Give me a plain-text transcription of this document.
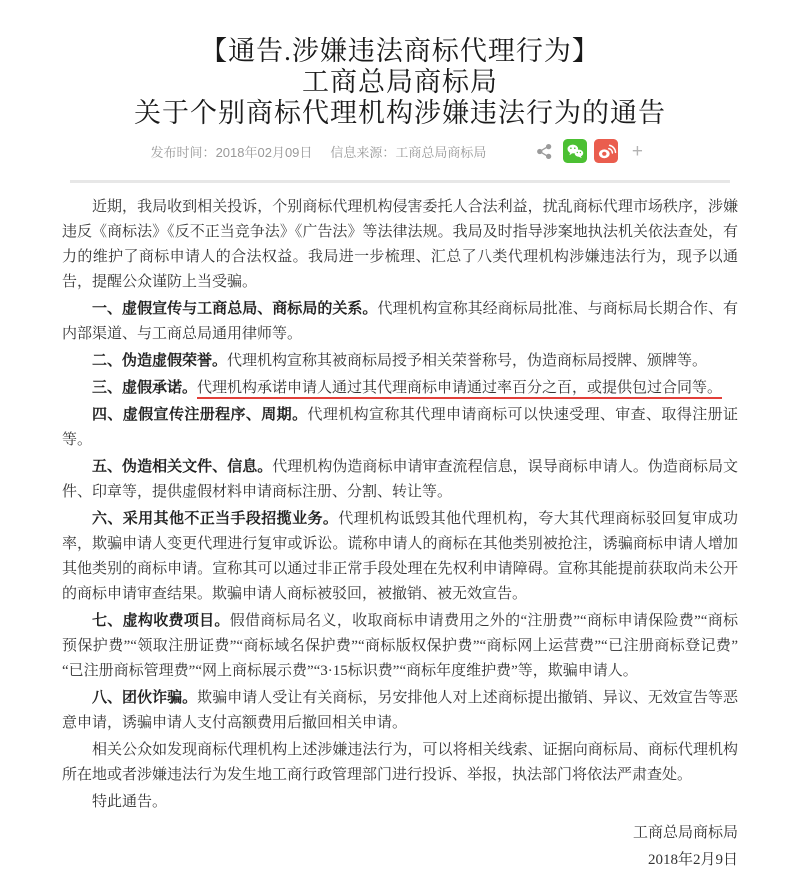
【通告.涉嫌违法商标代理行为】
工商总局商标局
关于个别商标代理机构涉嫌违法行为的通告
发布时间：2018年02月09日 信息来源：工商总局商标局	+

近期，我局收到相关投诉，个别商标代理机构侵害委托人合法利益，扰乱商标代理市场秩序，涉嫌违反《商标法》《反不正当竞争法》《广告法》等法律法规。我局及时指导涉案地执法机关依法查处，有力的维护了商标申请人的合法权益。我局进一步梳理、汇总了八类代理机构涉嫌违法行为，现予以通告，提醒公众谨防上当受骗。

一、虚假宣传与工商总局、商标局的关系。代理机构宣称其经商标局批准、与商标局长期合作、有内部渠道、与工商总局通用律师等。

二、伪造虚假荣誉。代理机构宣称其被商标局授予相关荣誉称号，伪造商标局授牌、颁牌等。

三、虚假承诺。代理机构承诺申请人通过其代理商标申请通过率百分之百，或提供包过合同等。

四、虚假宣传注册程序、周期。代理机构宣称其代理申请商标可以快速受理、审查、取得注册证等。

五、伪造相关文件、信息。代理机构伪造商标申请审查流程信息，误导商标申请人。伪造商标局文件、印章等，提供虚假材料申请商标注册、分割、转让等。

六、采用其他不正当手段招揽业务。代理机构诋毁其他代理机构，夸大其代理商标驳回复审成功率，欺骗申请人变更代理进行复审或诉讼。谎称申请人的商标在其他类别被抢注，诱骗商标申请人增加其他类别的商标申请。宣称其可以通过非正常手段处理在先权利申请障碍。宣称其能提前获取尚未公开的商标申请审查结果。欺骗申请人商标被驳回，被撤销、被无效宣告。

七、虚构收费项目。假借商标局名义，收取商标申请费用之外的“注册费”“商标申请保险费”“商标预保护费”“领取注册证费”“商标域名保护费”“商标版权保护费”“商标网上运营费”“已注册商标登记费”“已注册商标管理费”“网上商标展示费”“3·15标识费”“商标年度维护费”等，欺骗申请人。

八、团伙诈骗。欺骗申请人受让有关商标，另安排他人对上述商标提出撤销、异议、无效宣告等恶意申请，诱骗申请人支付高额费用后撤回相关申请。

相关公众如发现商标代理机构上述涉嫌违法行为，可以将相关线索、证据向商标局、商标代理机构所在地或者涉嫌违法行为发生地工商行政管理部门进行投诉、举报，执法部门将依法严肃查处。

特此通告。

工商总局商标局

2018年2月9日
